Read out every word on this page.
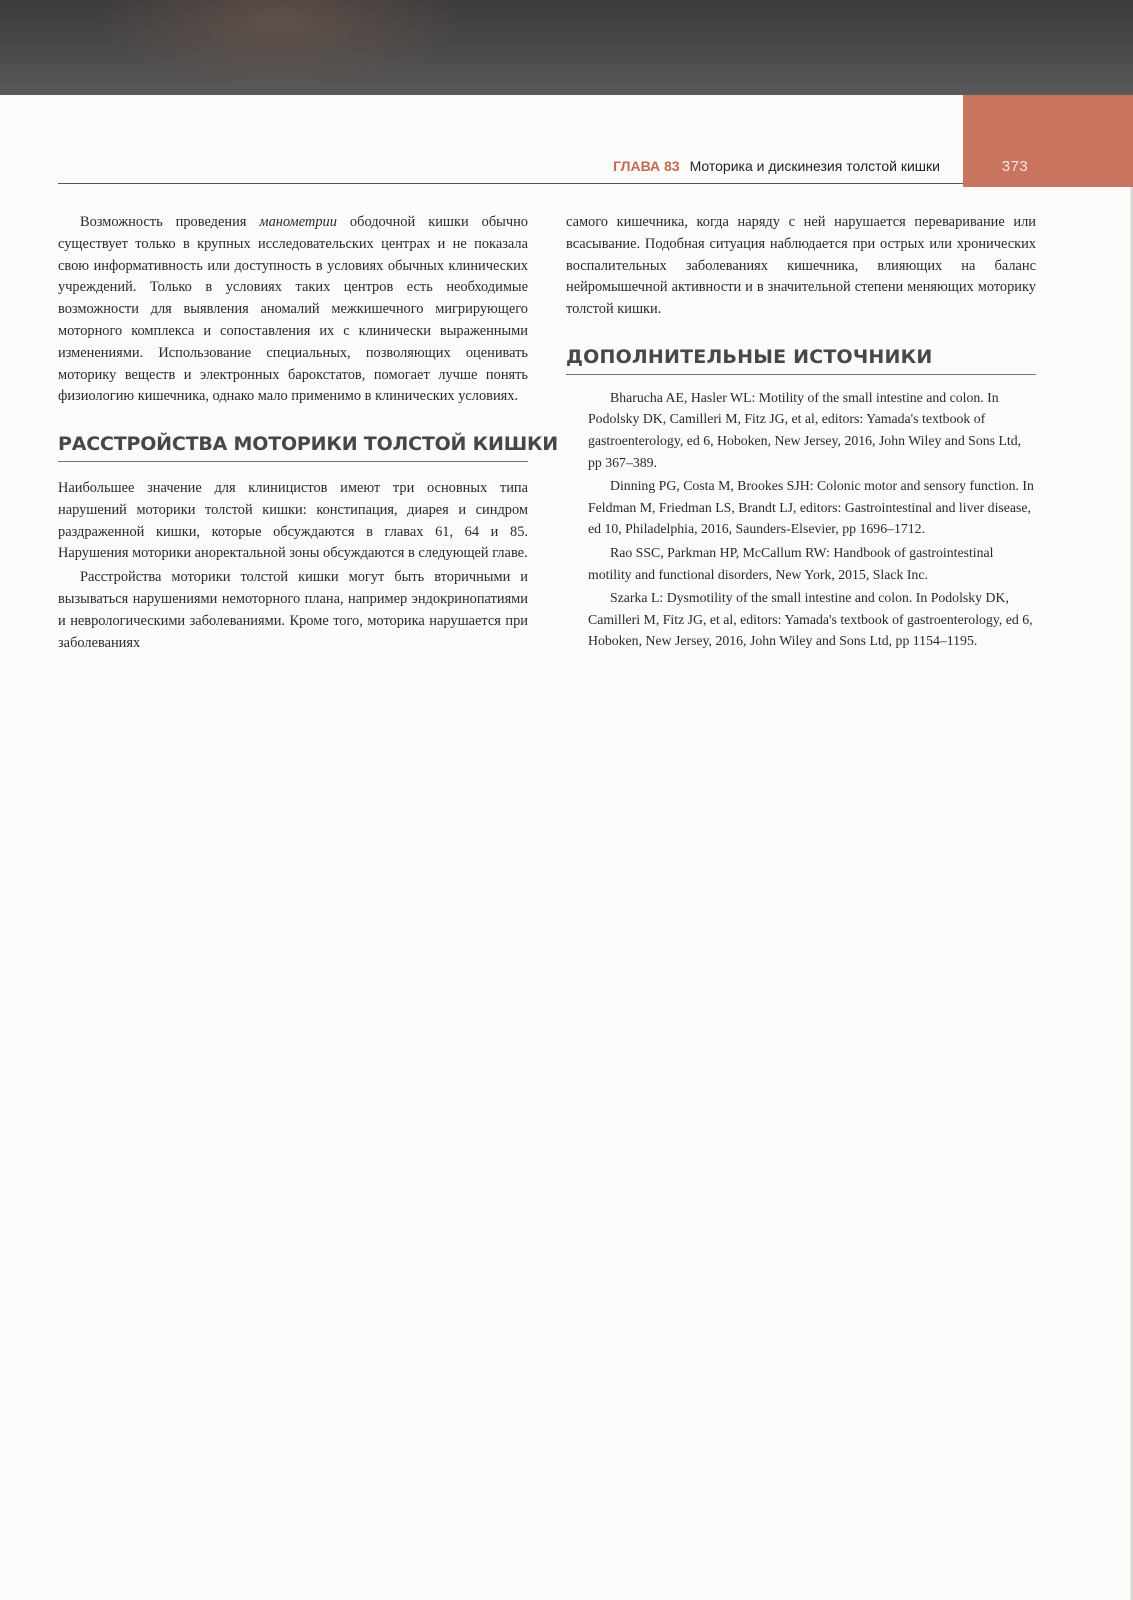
373
ГЛАВА 83 Моторика и дискинезия толстой кишки

Возможность проведения манометрии ободочной кишки обычно существует только в крупных исследовательских центрах и не показала свою информативность или доступность в условиях обычных клинических учреждений. Только в условиях таких центров есть необходимые возможности для выявления аномалий межкишечного мигрирующего моторного комплекса и сопоставления их с клинически выраженными изменениями. Использование специальных, позволяющих оценивать моторику веществ и электронных барокстатов, помогает лучше понять физиологию кишечника, однако мало применимо в клинических условиях.

РАССТРОЙСТВА МОТОРИКИ ТОЛСТОЙ КИШКИ

Наибольшее значение для клиницистов имеют три основных типа нарушений моторики толстой кишки: констипация, диарея и синдром раздраженной кишки, которые обсуждаются в главах 61, 64 и 85. Нарушения моторики аноректальной зоны обсуждаются в следующей главе.

Расстройства моторики толстой кишки могут быть вторичными и вызываться нарушениями немоторного плана, например эндокринопатиями и неврологическими заболеваниями. Кроме того, моторика нарушается при заболеваниях

самого кишечника, когда наряду с ней нарушается переваривание или всасывание. Подобная ситуация наблюдается при острых или хронических воспалительных заболеваниях кишечника, влияющих на баланс нейромышечной активности и в значительной степени меняющих моторику толстой кишки.

ДОПОЛНИТЕЛЬНЫЕ ИСТОЧНИКИ

Bharucha AE, Hasler WL: Motility of the small intestine and colon. In Podolsky DK, Camilleri M, Fitz JG, et al, editors: Yamada's textbook of gastroenterology, ed 6, Hoboken, New Jersey, 2016, John Wiley and Sons Ltd, pp 367–389.

Dinning PG, Costa M, Brookes SJH: Colonic motor and sensory function. In Feldman M, Friedman LS, Brandt LJ, editors: Gastrointestinal and liver disease, ed 10, Philadelphia, 2016, Saunders-Elsevier, pp 1696–1712.

Rao SSC, Parkman HP, McCallum RW: Handbook of gastrointestinal motility and functional disorders, New York, 2015, Slack Inc.

Szarka L: Dysmotility of the small intestine and colon. In Podolsky DK, Camilleri M, Fitz JG, et al, editors: Yamada's textbook of gastroenterology, ed 6, Hoboken, New Jersey, 2016, John Wiley and Sons Ltd, pp 1154–1195.
